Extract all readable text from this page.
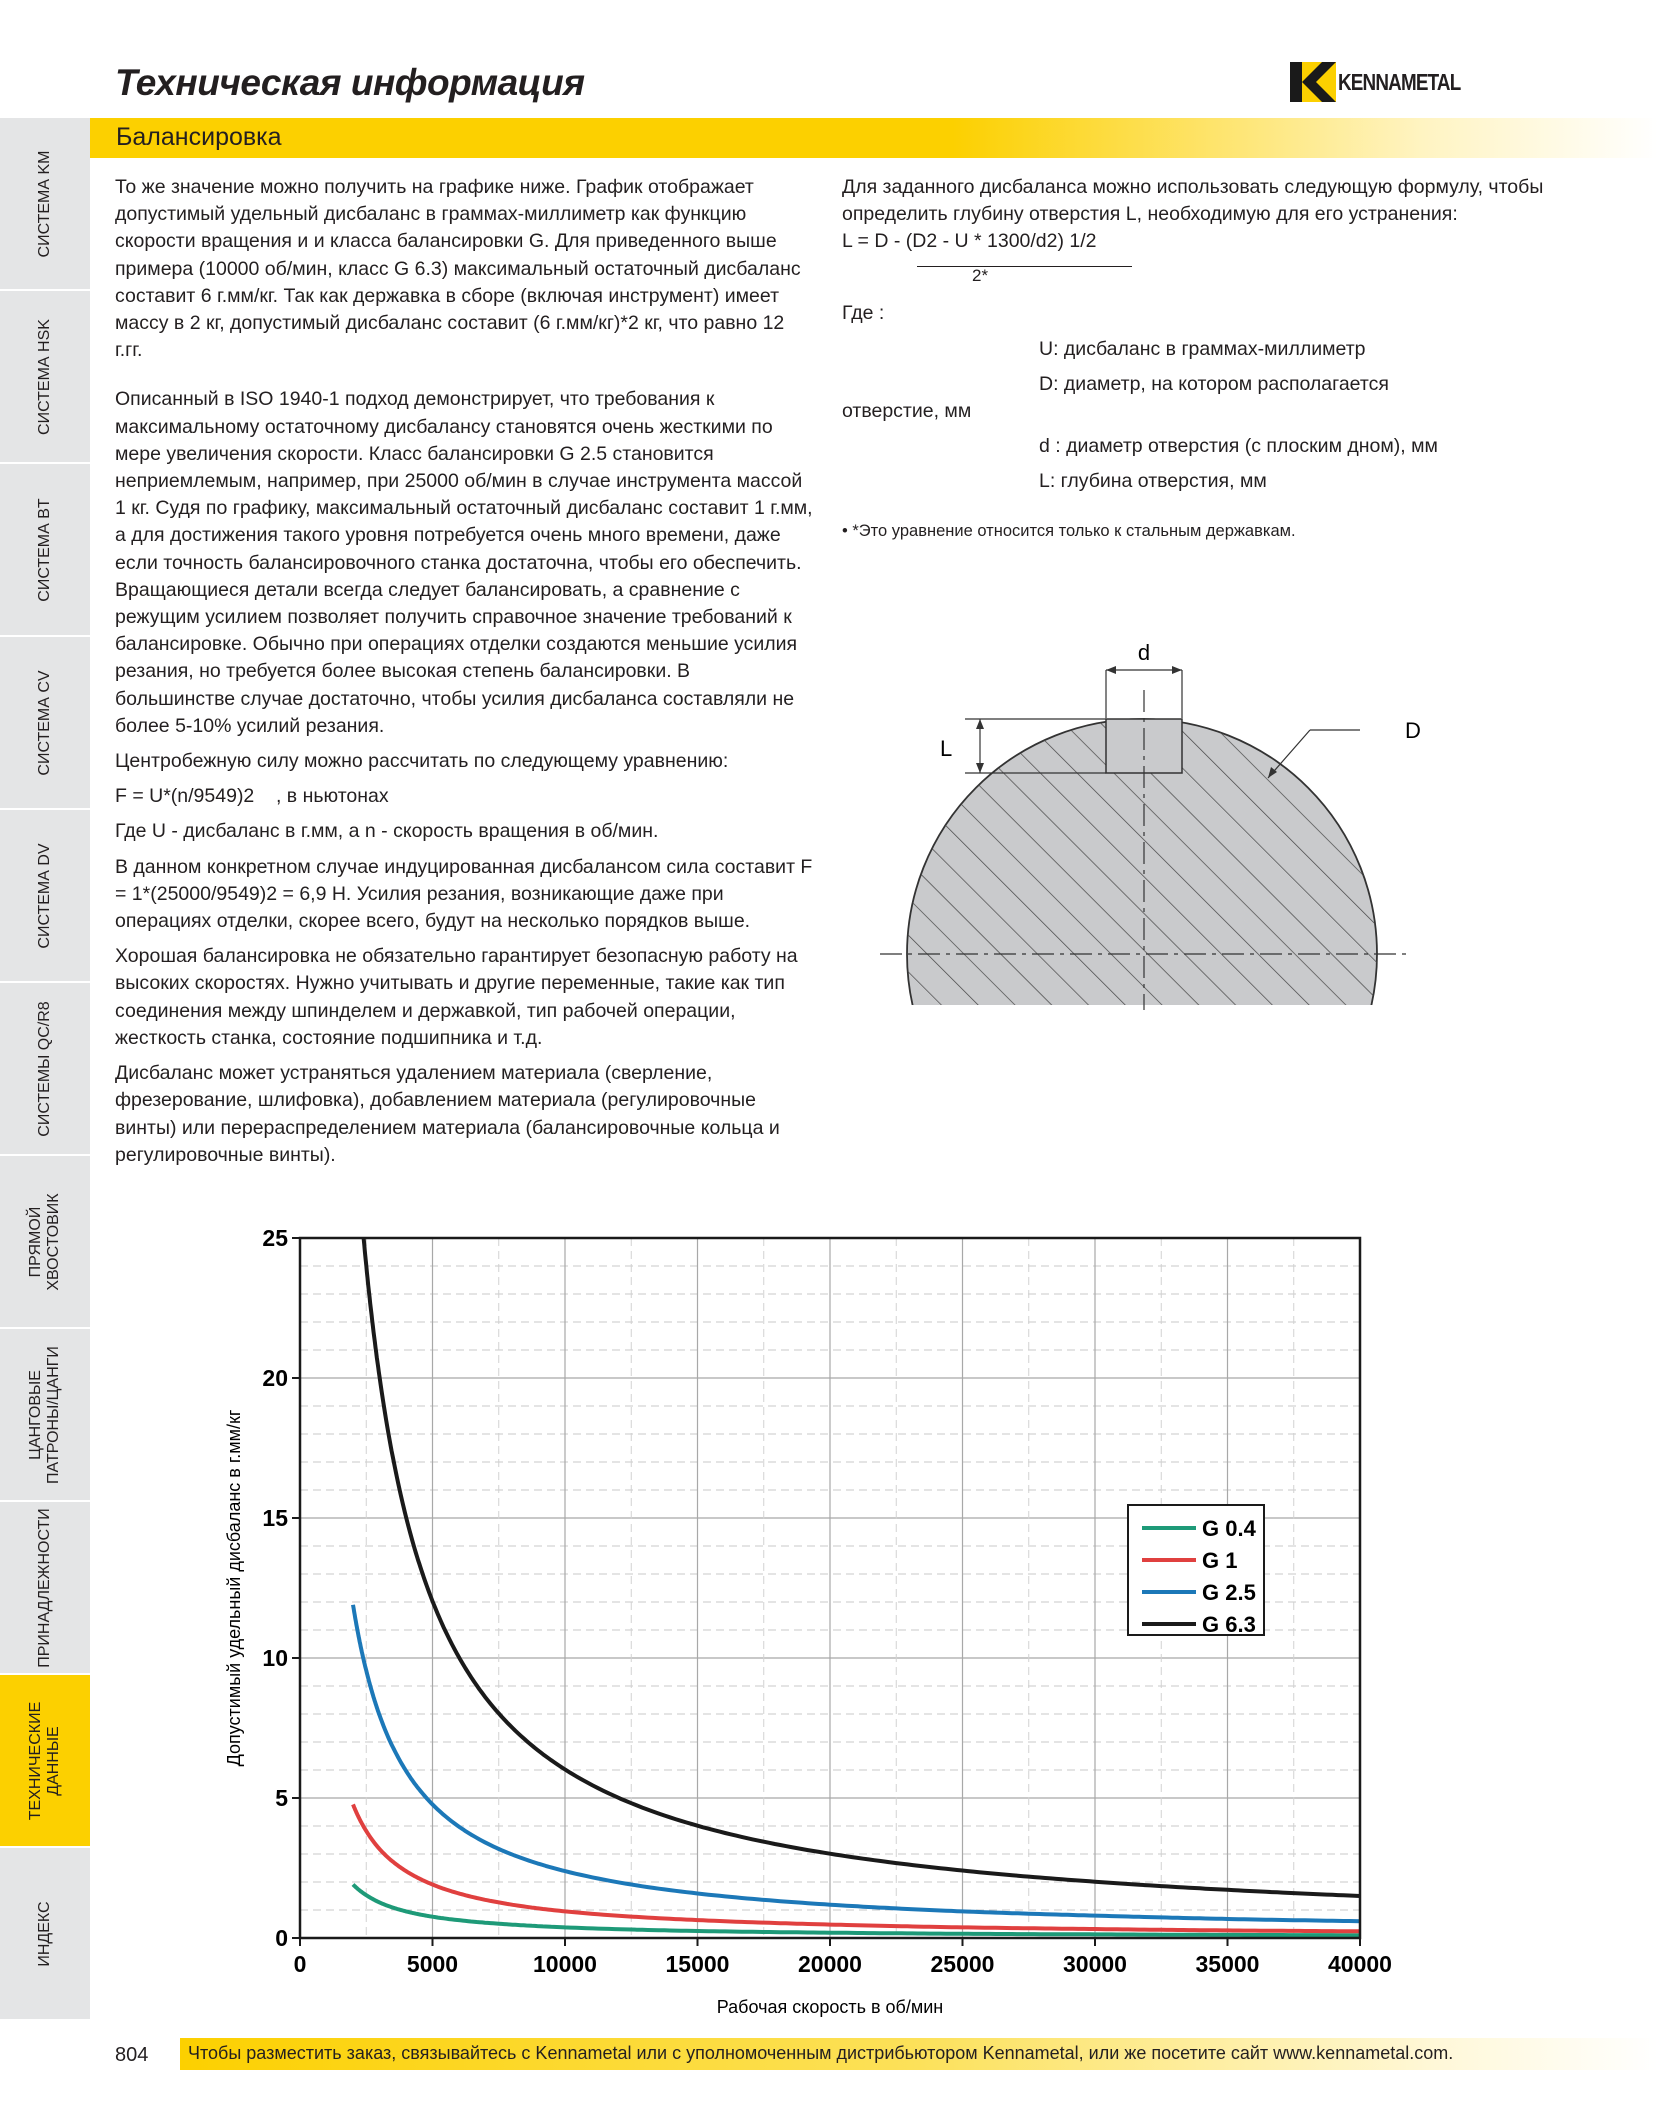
Техническая информация	KENNAMETAL
Балансировка
СИСТЕМА KM
СИСТЕМА HSK
СИСТЕМА BT
СИСТЕМА CV
СИСТЕМА DV
СИСТЕМЫ QC/R8
ПРЯМОЙ ХВОСТОВИК
ЦАНГОВЫЕ ПАТРОНЫ/ЦАНГИ
ПРИНАДЛЕЖНОСТИ
ТЕХНИЧЕСКИЕ ДАННЫЕ
ИНДЕКС

То же значение можно получить на графике ниже. График отображает допустимый удельный дисбаланс в граммах-миллиметр как функцию скорости вращения и и класса балансировки G. Для приведенного выше примера (10000 об/мин, класс G 6.3) максимальный остаточный дисбаланс составит 6 г.мм/кг. Так как державка в сборе (включая инструмент) имеет массу в 2 кг, допустимый дисбаланс составит (6 г.мм/кг)*2 кг, что равно 12 г.гг.

Описанный в ISO 1940-1 подход демонстрирует, что требования к максимальному остаточному дисбалансу становятся очень жесткими по мере увеличения скорости. Класс балансировки G 2.5 становится неприемлемым, например, при 25000 об/мин в случае инструмента массой 1 кг. Судя по графику, максимальный остаточный дисбаланс составит 1 г.мм, а для достижения такого уровня потребуется очень много времени, даже если точность балансировочного станка достаточна, чтобы его обеспечить. Вращающиеся детали всегда следует балансировать, а сравнение с режущим усилием позволяет получить справочное значение требований к балансировке. Обычно при операциях отделки создаются меньшие усилия резания, но требуется более высокая степень балансировки. В большинстве случае достаточно, чтобы усилия дисбаланса составляли не более 5-10% усилий резания.

Центробежную силу можно рассчитать по следующему уравнению:

F = U*(n/9549)2    , в ньютонах

Где U - дисбаланс в г.мм, а n - скорость вращения в об/мин.

В данном конкретном случае индуцированная дисбалансом сила составит F = 1*(25000/9549)2 = 6,9 Н. Усилия резания, возникающие даже при операциях отделки, скорее всего, будут на несколько порядков выше.

Хорошая балансировка не обязательно гарантирует безопасную работу на высоких скоростях. Нужно учитывать и другие переменные, такие как тип соединения между шпинделем и державкой, тип рабочей операции, жесткость станка, состояние подшипника и т.д.

Дисбаланс может устраняться удалением материала (сверление, фрезерование, шлифовка), добавлением материала (регулировочные винты) или перераспределением материала (балансировочные кольца и регулировочные винты).

Для заданного дисбаланса можно использовать следующую формулу, чтобы определить глубину отверстия L, необходимую для его устранения:

L = D - (D2 - U * 1300/d2) 1/2
2*

Где :

U: дисбаланс в граммах-миллиметр

D: диаметр, на котором располагается

отверстие, мм

d : диаметр отверстия (с плоским дном), мм

L: глубина отверстия, мм

• *Это уравнение относится только к стальным державкам.

d
L
D
0	5000	10000	15000	20000	25000	30000	35000	40000
0
5
10
15
20
25
Рабочая скорость в об/мин
Допустимый удельный дисбаланс в г.мм/кг	G 0.4
G 1
G 2.5
G 6.3
804 Чтобы разместить заказ, связывайтесь с Kennametal или с уполномоченным дистрибьютором Kennametal, или же посетите сайт www.kennametal.com.
